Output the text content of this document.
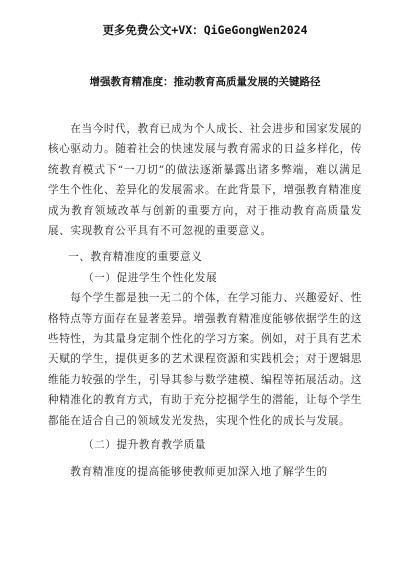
更多免费公文+VX：QiGeGongWen2024
增强教育精准度：推动教育高质量发展的关键路径

在当今时代，教育已成为个人成长、社会进步和国家发展的核心驱动力。随着社会的快速发展与教育需求的日益多样化，传统教育模式下“一刀切”的做法逐渐暴露出诸多弊端，难以满足学生个性化、差异化的发展需求。在此背景下，增强教育精准度成为教育领域改革与创新的重要方向，对于推动教育高质量发展、实现教育公平具有不可忽视的重要意义。

一、教育精准度的重要意义
（一）促进学生个性化发展

每个学生都是独一无二的个体，在学习能力、兴趣爱好、性格特点等方面存在显著差异。增强教育精准度能够依据学生的这些特性，为其量身定制个性化的学习方案。例如，对于具有艺术天赋的学生，提供更多的艺术课程资源和实践机会；对于逻辑思维能力较强的学生，引导其参与数学建模、编程等拓展活动。这种精准化的教育方式，有助于充分挖掘学生的潜能，让每个学生都能在适合自己的领域发光发热，实现个性化的成长与发展。

（二）提升教育教学质量

教育精准度的提高能够使教师更加深入地了解学生的
